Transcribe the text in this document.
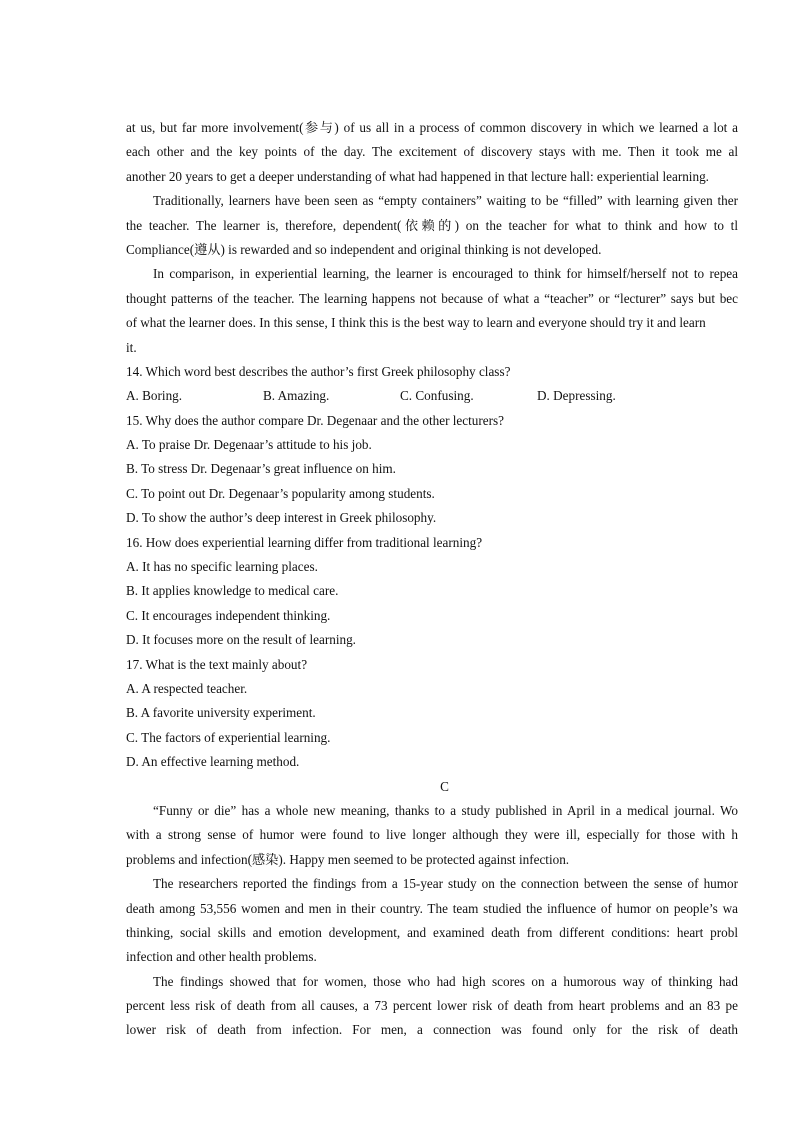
at us, but far more involvement(参与) of us all in a process of common discovery in which we learned a lot a
each other and the key points of the day. The excitement of discovery stays with me. Then it took me al
another 20 years to get a deeper understanding of what had happened in that lecture hall: experiential learning.
Traditionally, learners have been seen as “empty containers” waiting to be “filled” with learning given ther
the teacher. The learner is, therefore, dependent(依赖的) on the teacher for what to think and how to tl
Compliance(遵从) is rewarded and so independent and original thinking is not developed.
In comparison, in experiential learning, the learner is encouraged to think for himself/herself not to repea
thought patterns of the teacher. The learning happens not because of what a “teacher” or “lecturer” says but bec
of what the learner does. In this sense, I think this is the best way to learn and everyone should try it and learn
it.
14. Which word best describes the author’s first Greek philosophy class?
A. Boring.	B. Amazing.	C. Confusing.	D. Depressing.
15. Why does the author compare Dr. Degenaar and the other lecturers?
A. To praise Dr. Degenaar’s attitude to his job.
B. To stress Dr. Degenaar’s great influence on him.
C. To point out Dr. Degenaar’s popularity among students.
D. To show the author’s deep interest in Greek philosophy.
16. How does experiential learning differ from traditional learning?
A. It has no specific learning places.
B. It applies knowledge to medical care.
C. It encourages independent thinking.
D. It focuses more on the result of learning.
17. What is the text mainly about?
A. A respected teacher.
B. A favorite university experiment.
C. The factors of experiential learning.
D. An effective learning method.
C
“Funny or die” has a whole new meaning, thanks to a study published in April in a medical journal. Wo
with a strong sense of humor were found to live longer although they were ill, especially for those with h
problems and infection(感染). Happy men seemed to be protected against infection.
The researchers reported the findings from a 15-year study on the connection between the sense of humor
death among 53,556 women and men in their country. The team studied the influence of humor on people’s wa
thinking, social skills and emotion development, and examined death from different conditions: heart probl
infection and other health problems.
The findings showed that for women, those who had high scores on a humorous way of thinking had
percent less risk of death from all causes, a 73 percent lower risk of death from heart problems and an 83 pe
lower risk of death from infection. For men, a connection was found only for the risk of death
